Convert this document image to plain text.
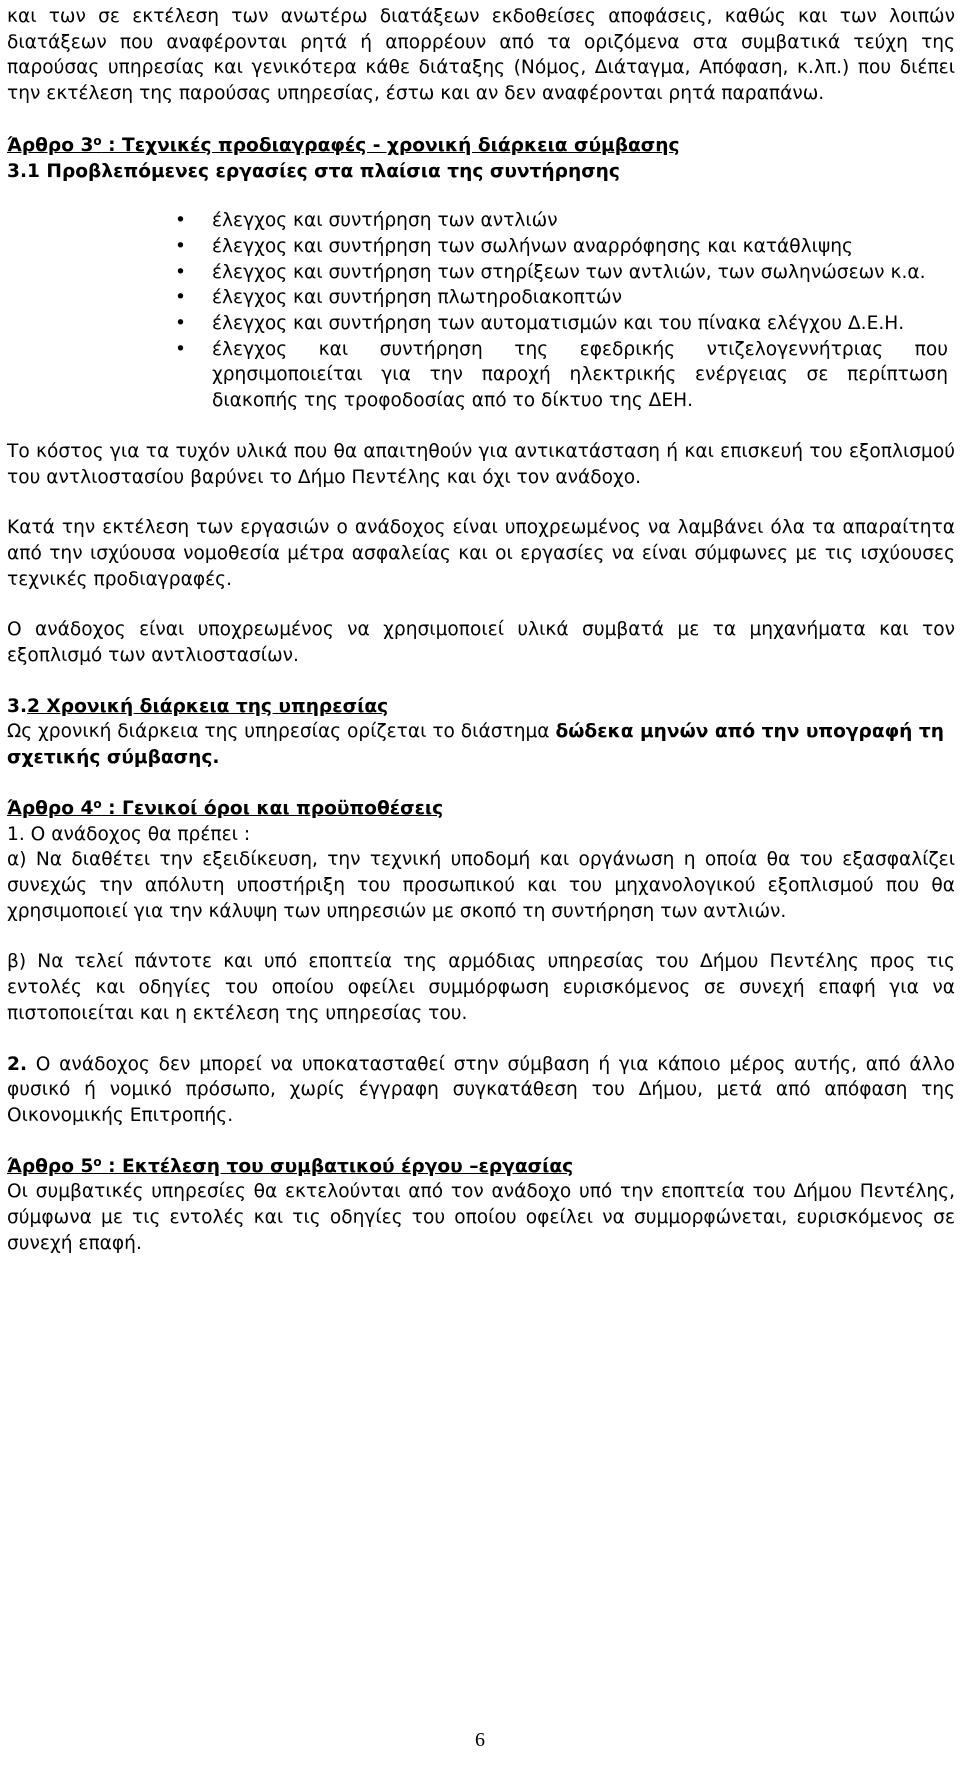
και των σε εκτέλεση των ανωτέρω διατάξεων εκδοθείσες αποφάσεις, καθώς και των λοιπών διατάξεων που αναφέρονται ρητά ή απορρέουν από τα οριζόμενα στα συμβατικά τεύχη της παρούσας υπηρεσίας και γενικότερα κάθε διάταξης (Νόμος, Διάταγμα, Απόφαση, κ.λπ.) που διέπει την εκτέλεση της παρούσας υπηρεσίας, έστω και αν δεν αναφέρονται ρητά παραπάνω.

Άρθρο $3^o$ : Τεχνικές προδιαγραφές - χρονική διάρκεια σύμβασης

3.1 Προβλεπόμενες εργασίες στα πλαίσια της συντήρησης

• έλεγχος και συντήρηση των αντλιών
• έλεγχος και συντήρηση των σωλήνων αναρρόφησης και κατάθλιψης
• έλεγχος και συντήρηση των στηρίξεων των αντλιών, των σωληνώσεων κ.α.
• έλεγχος και συντήρηση πλωτηροδιακοπτών
• έλεγχος και συντήρηση των αυτοματισμών και του πίνακα ελέγχου Δ.Ε.Η.
• έλεγχος και συντήρηση της εφεδρικής ντιζελογεννήτριας που χρησιμοποιείται για την παροχή ηλεκτρικής ενέργειας σε περίπτωση διακοπής της τροφοδοσίας από το δίκτυο της ΔΕΗ.

Το κόστος για τα τυχόν υλικά που θα απαιτηθούν για αντικατάσταση ή και επισκευή του εξοπλισμού του αντλιοστασίου βαρύνει το Δήμο Πεντέλης και όχι τον ανάδοχο.

Κατά την εκτέλεση των εργασιών ο ανάδοχος είναι υποχρεωμένος να λαμβάνει όλα τα απαραίτητα από την ισχύουσα νομοθεσία μέτρα ασφαλείας και οι εργασίες να είναι σύμφωνες με τις ισχύουσες τεχνικές προδιαγραφές.

Ο ανάδοχος είναι υποχρεωμένος να χρησιμοποιεί υλικά συμβατά με τα μηχανήματα και τον εξοπλισμό των αντλιοστασίων.

3.2 Χρονική διάρκεια της υπηρεσίας

Ως χρονική διάρκεια της υπηρεσίας ορίζεται το διάστημα δώδεκα μηνών από την υπογραφή τη σχετικής σύμβασης.

Άρθρο $4^o$ : Γενικοί όροι και προϋποθέσεις

1. Ο ανάδοχος θα πρέπει :

α) Να διαθέτει την εξειδίκευση, την τεχνική υποδομή και οργάνωση η οποία θα του εξασφαλίζει συνεχώς την απόλυτη υποστήριξη του προσωπικού και του μηχανολογικού εξοπλισμού που θα χρησιμοποιεί για την κάλυψη των υπηρεσιών με σκοπό τη συντήρηση των αντλιών.

β) Να τελεί πάντοτε και υπό εποπτεία της αρμόδιας υπηρεσίας του Δήμου Πεντέλης προς τις εντολές και οδηγίες του οποίου οφείλει συμμόρφωση ευρισκόμενος σε συνεχή επαφή για να πιστοποιείται και η εκτέλεση της υπηρεσίας του.

2. Ο ανάδοχος δεν μπορεί να υποκατασταθεί στην σύμβαση ή για κάποιο μέρος αυτής, από άλλο φυσικό ή νομικό πρόσωπο, χωρίς έγγραφη συγκατάθεση του Δήμου, μετά από απόφαση της Οικονομικής Επιτροπής.

Άρθρο $5^o$ : Εκτέλεση του συμβατικού έργου –εργασίας

Οι συμβατικές υπηρεσίες θα εκτελούνται από τον ανάδοχο υπό την εποπτεία του Δήμου Πεντέλης, σύμφωνα με τις εντολές και τις οδηγίες του οποίου οφείλει να συμμορφώνεται, ευρισκόμενος σε συνεχή επαφή.

6
